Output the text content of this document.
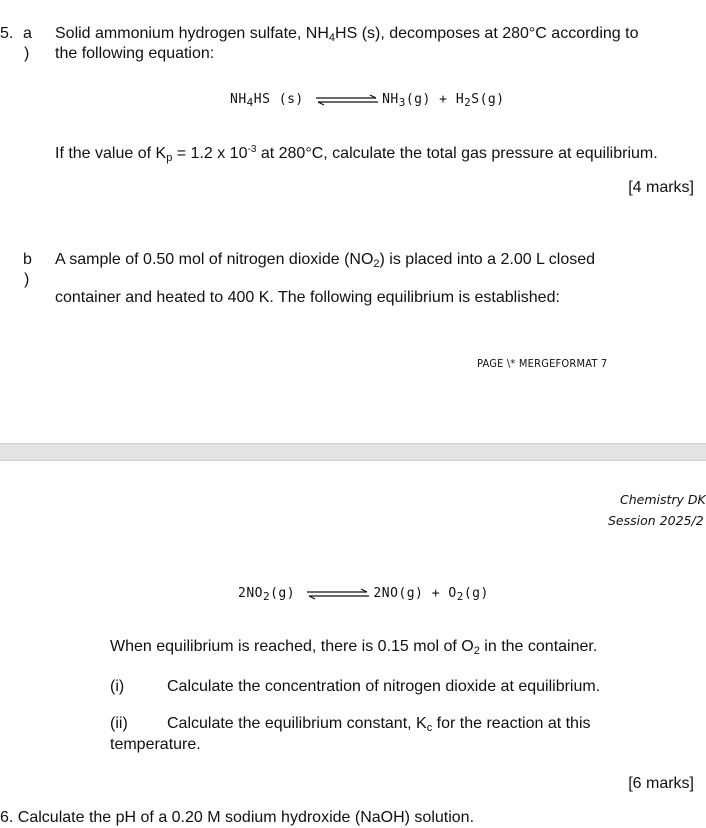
5. a
)
Solid ammonium hydrogen sulfate, $NH_4HS$ (s), decomposes at 280°C according to
the following equation:
$NH_4HS$ (s)	$NH_3(g) + H_2S(g)$
If the value of $K_p = 1.2$ x $10^{-3}$ at 280°C, calculate the total gas pressure at equilibrium.
[4 marks]
b
)
A sample of 0.50 mol of nitrogen dioxide $(NO_2)$ is placed into a 2.00 L closed
container and heated to 400 K. The following equilibrium is established:
PAGE \* MERGEFORMAT 7
Chemistry DK
Session 2025/2
$2NO_2(g)$	$2NO(g) + O_2(g)$
When equilibrium is reached, there is 0.15 mol of $O_2$ in the container.
(i)	Calculate the concentration of nitrogen dioxide at equilibrium.
(ii) Calculate the equilibrium constant, $K_c$ for the reaction at this
temperature.
[6 marks]
6. Calculate the pH of a 0.20 M sodium hydroxide (NaOH) solution.
